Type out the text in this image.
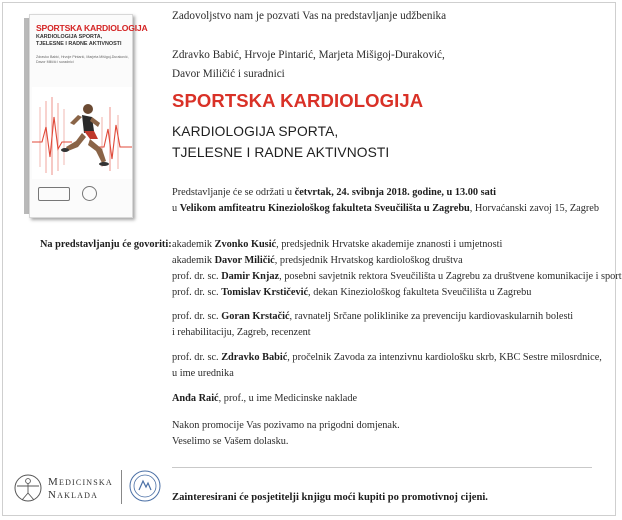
SPORTSKA KARDIOLOGIJA
KARDIOLOGIJA SPORTA,
TJELESNE I RADNE AKTIVNOSTI
Zdravko Babić, Hrvoje Pintarić, Marjeta Mišigoj-Duraković,
Davor Miličić i suradnici
Zadovoljstvo nam je pozvati Vas na predstavljanje udžbenika
Zdravko Babić, Hrvoje Pintarić, Marjeta Mišigoj-Duraković,
Davor Miličić i suradnici
SPORTSKA KARDIOLOGIJA
KARDIOLOGIJA SPORTA,
TJELESNE I RADNE AKTIVNOSTI
Predstavljanje će se održati u četvrtak, 24. svibnja 2018. godine, u 13.00 sati
u Velikom amfiteatru Kineziološkog fakulteta Sveučilišta u Zagrebu, Horvaćanski zavoj 15, Zagreb
Na predstavljanju će govoriti: akademik Zvonko Kusić, predsjednik Hrvatske akademije znanosti i umjetnosti
akademik Davor Miličić, predsjednik Hrvatskog kardiološkog društva
prof. dr. sc. Damir Knjaz, posebni savjetnik rektora Sveučilišta u Zagrebu za društvene komunikacije i sport
prof. dr. sc. Tomislav Krstičević, dekan Kineziološkog fakulteta Sveučilišta u Zagrebu
prof. dr. sc. Goran Krstačić, ravnatelj Srčane poliklinike za prevenciju kardiovaskularnih bolesti
i rehabilitaciju, Zagreb, recenzent
prof. dr. sc. Zdravko Babić, pročelnik Zavoda za intenzivnu kardiološku skrb, KBC Sestre milosrdnice,
u ime urednika
Anđa Raić, prof., u ime Medicinske naklade
Nakon promocije Vas pozivamo na prigodni domjenak.
Veselimo se Vašem dolasku.
Medicinska
Naklada	Zainteresirani će posjetitelji knjigu moći kupiti po promotivnoj cijeni.
